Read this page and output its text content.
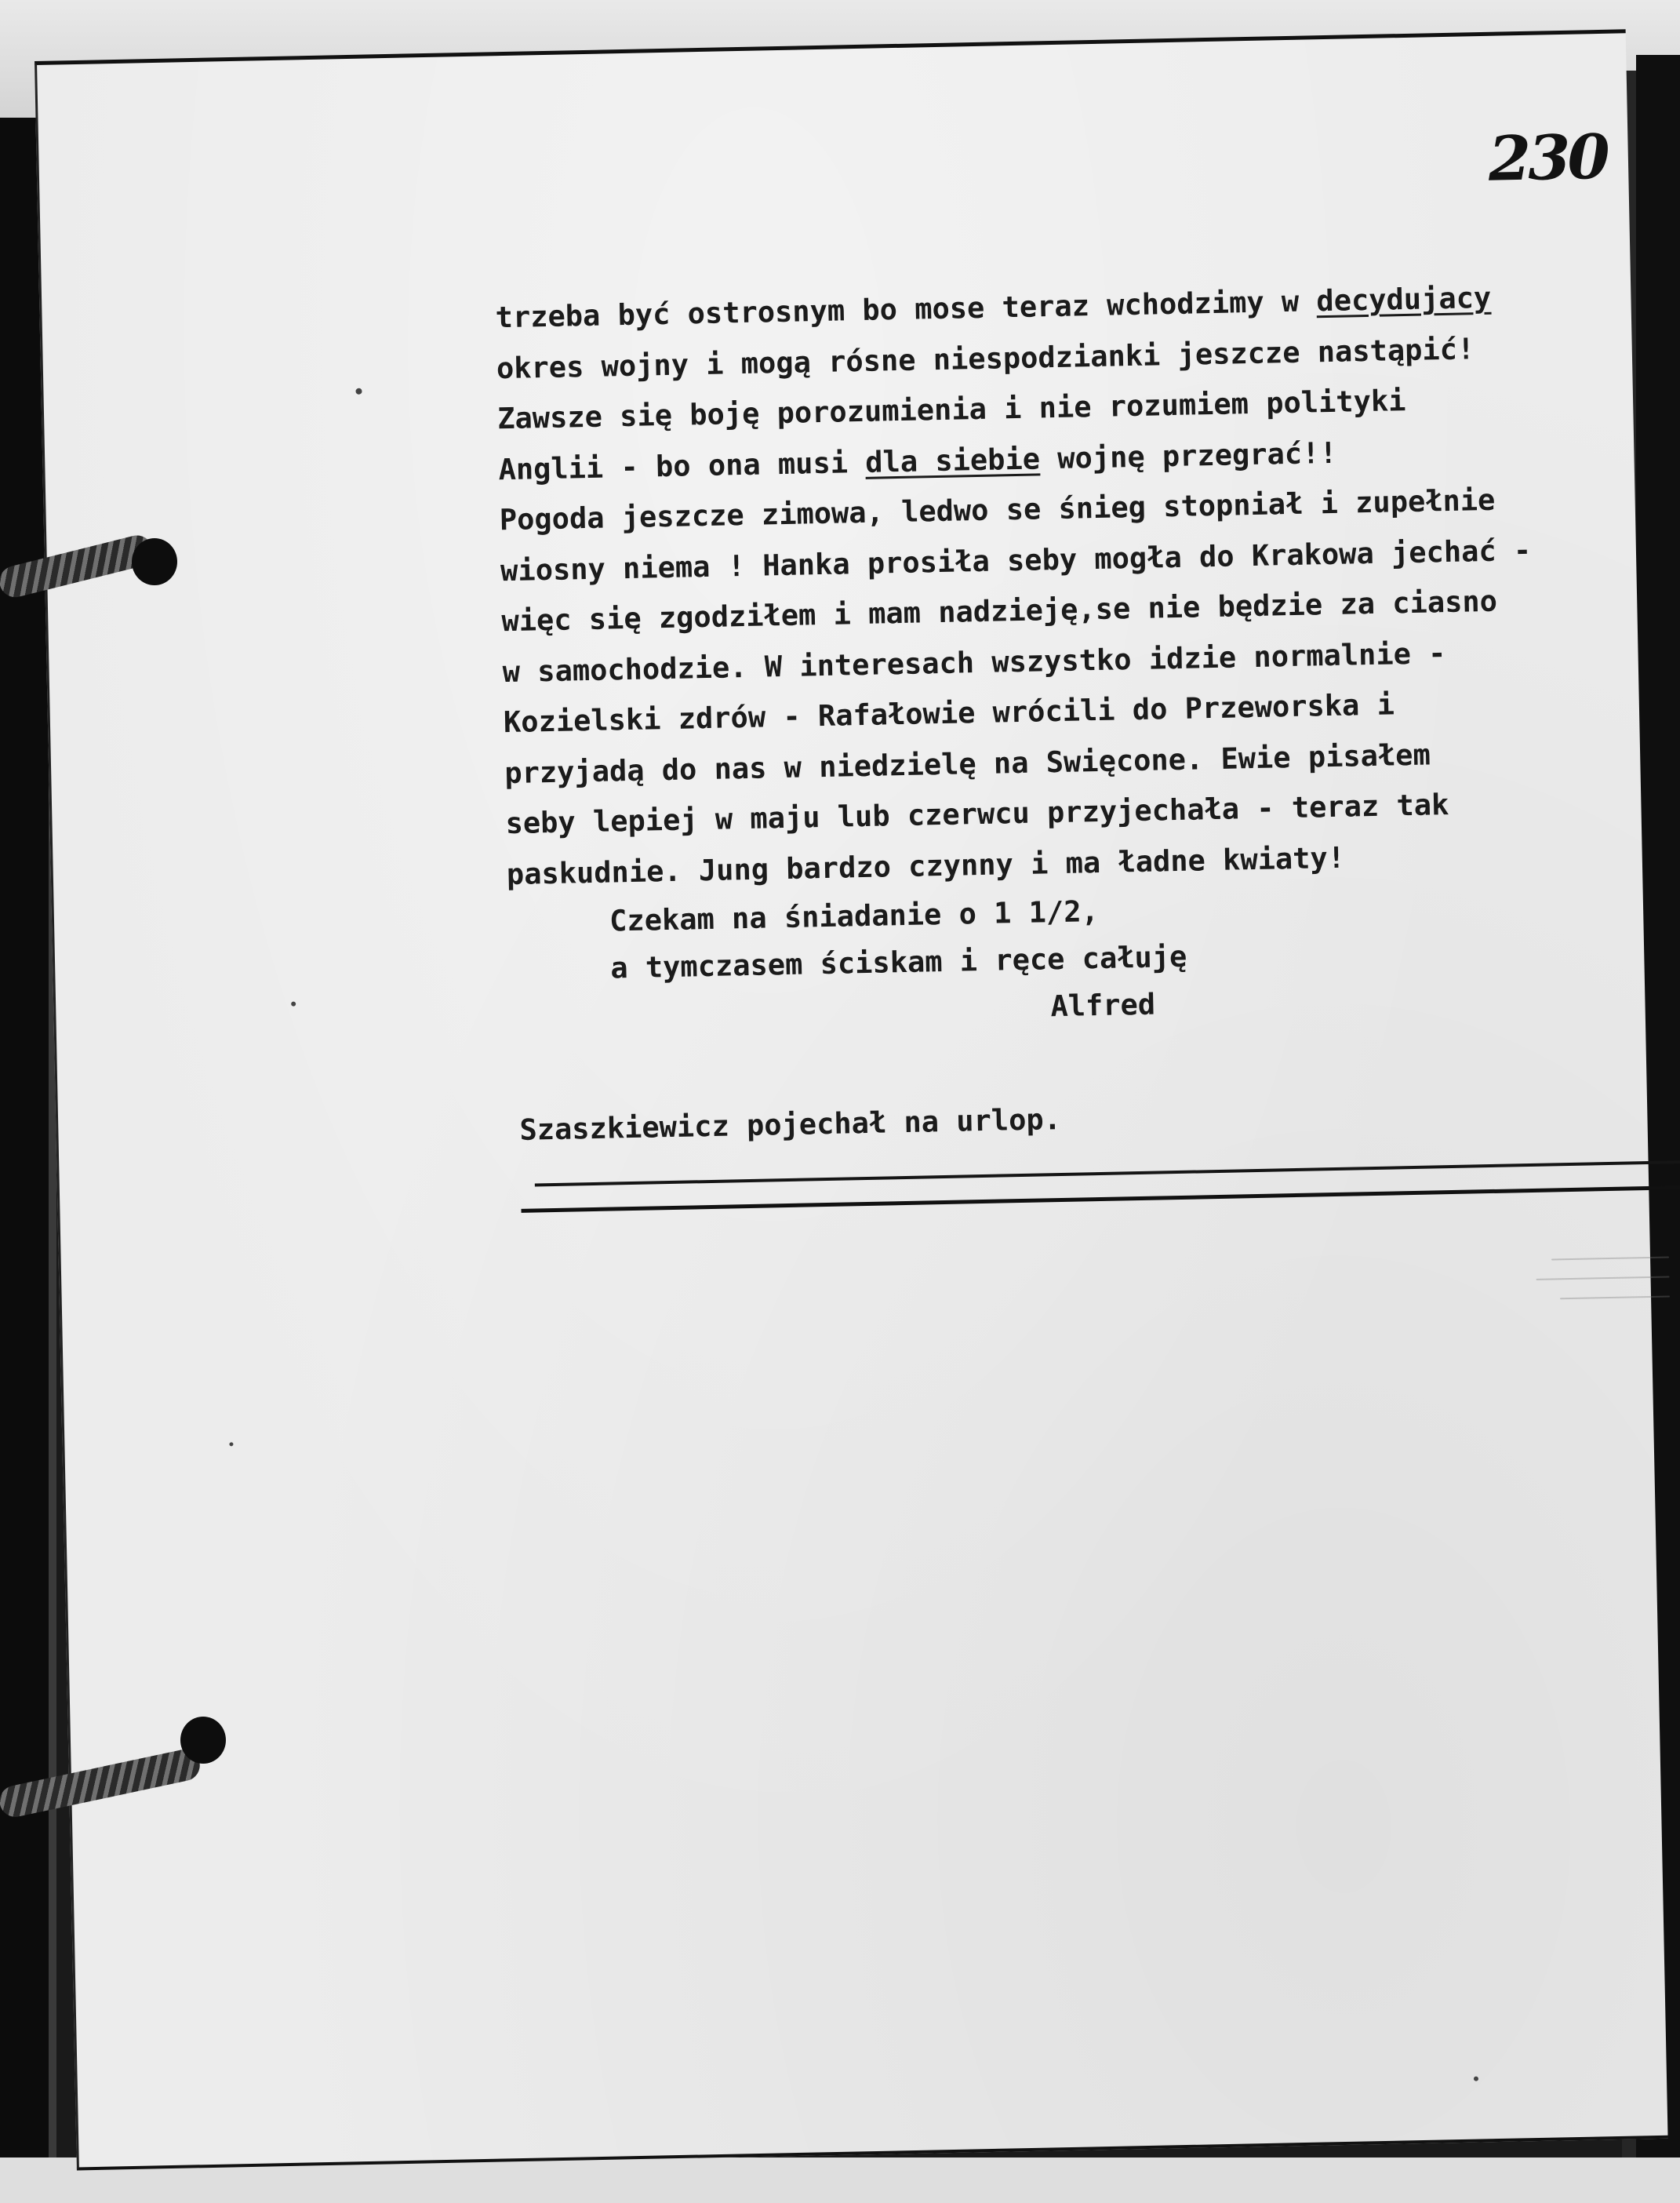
230
trzeba być ostrosnym bo mose teraz wchodzimy w decydujacy
okres wojny i mogą rósne niespodzianki jeszcze nastąpić!
Zawsze się boję porozumienia i nie rozumiem polityki
Anglii - bo ona musi dla siebie wojnę przegrać!!
Pogoda jeszcze zimowa, ledwo se śnieg stopniał i zupełnie
wiosny niema ! Hanka prosiła seby mogła do Krakowa jechać -
więc się zgodziłem i mam nadzieję,se nie będzie za ciasno
w samochodzie. W interesach wszystko idzie normalnie -
Kozielski zdrów - Rafałowie wrócili do Przeworska i
przyjadą do nas w niedzielę na Swięcone. Ewie pisałem
seby lepiej w maju lub czerwcu przyjechała - teraz tak
paskudnie. Jung bardzo czynny i ma ładne kwiaty!
Czekam na śniadanie o 1 1/2,
a tymczasem ściskam i ręce całuję
Alfred
Szaszkiewicz pojechał na urlop.
